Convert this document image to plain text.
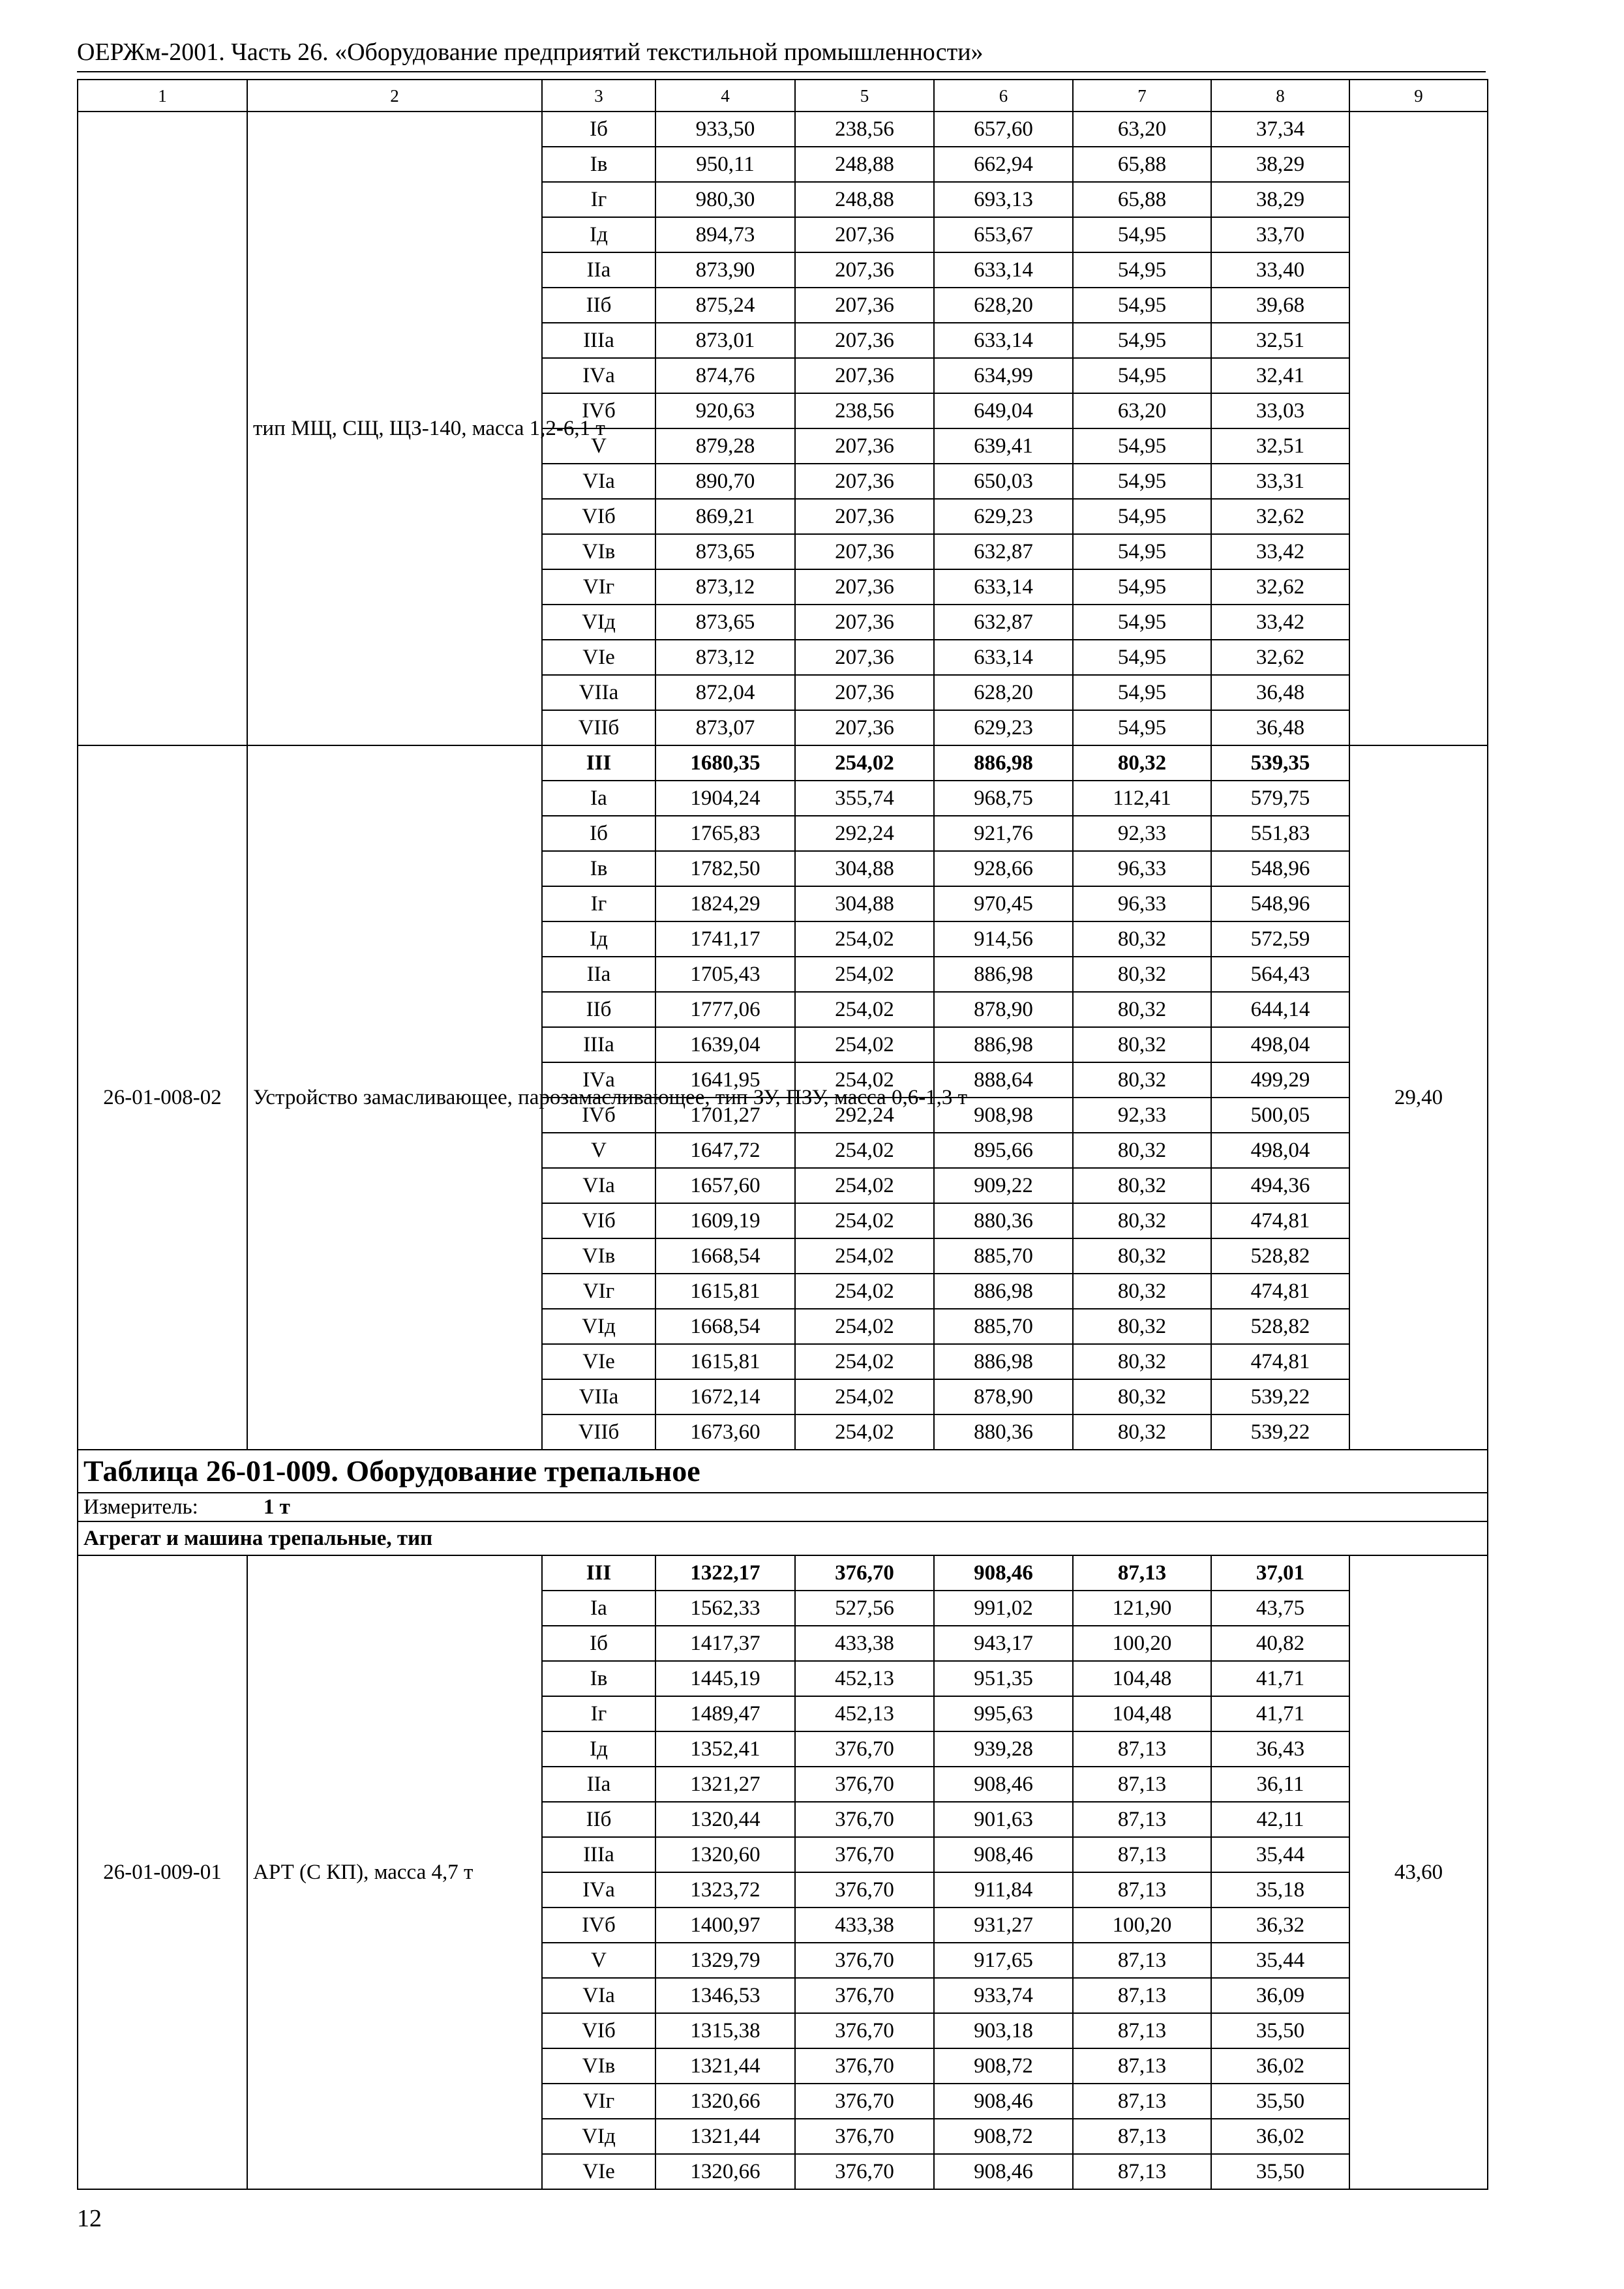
ОЕРЖм-2001. Часть 26. «Оборудование предприятий текстильной промышленности»
1	2	3	4	5	6	7	8	9
	тип МЩ, СЩ, ЩЗ-140, масса 1,2-6,1 т	Iб	933,50	238,56	657,60	63,20	37,34	
		Iв	950,11	248,88	662,94	65,88	38,29	
		Iг	980,30	248,88	693,13	65,88	38,29	
		Iд	894,73	207,36	653,67	54,95	33,70	
		IIа	873,90	207,36	633,14	54,95	33,40	
		IIб	875,24	207,36	628,20	54,95	39,68	
		IIIа	873,01	207,36	633,14	54,95	32,51	
		IVа	874,76	207,36	634,99	54,95	32,41	
		IVб	920,63	238,56	649,04	63,20	33,03	
		V	879,28	207,36	639,41	54,95	32,51	
		VIа	890,70	207,36	650,03	54,95	33,31	
		VIб	869,21	207,36	629,23	54,95	32,62	
		VIв	873,65	207,36	632,87	54,95	33,42	
		VIг	873,12	207,36	633,14	54,95	32,62	
		VIд	873,65	207,36	632,87	54,95	33,42	
		VIе	873,12	207,36	633,14	54,95	32,62	
		VIIа	872,04	207,36	628,20	54,95	36,48	
		VIIб	873,07	207,36	629,23	54,95	36,48	
26-01-008-02	Устройство замасливающее, парозамасливающее, тип ЗУ, ПЗУ, масса 0,6-1,3 т	III	1680,35	254,02	886,98	80,32	539,35	29,40
		Iа	1904,24	355,74	968,75	112,41	579,75	
		Iб	1765,83	292,24	921,76	92,33	551,83	
		Iв	1782,50	304,88	928,66	96,33	548,96	
		Iг	1824,29	304,88	970,45	96,33	548,96	
		Iд	1741,17	254,02	914,56	80,32	572,59	
		IIа	1705,43	254,02	886,98	80,32	564,43	
		IIб	1777,06	254,02	878,90	80,32	644,14	
		IIIа	1639,04	254,02	886,98	80,32	498,04	
		IVа	1641,95	254,02	888,64	80,32	499,29	
		IVб	1701,27	292,24	908,98	92,33	500,05	
		V	1647,72	254,02	895,66	80,32	498,04	
		VIа	1657,60	254,02	909,22	80,32	494,36	
		VIб	1609,19	254,02	880,36	80,32	474,81	
		VIв	1668,54	254,02	885,70	80,32	528,82	
		VIг	1615,81	254,02	886,98	80,32	474,81	
		VIд	1668,54	254,02	885,70	80,32	528,82	
		VIе	1615,81	254,02	886,98	80,32	474,81	
		VIIа	1672,14	254,02	878,90	80,32	539,22	
		VIIб	1673,60	254,02	880,36	80,32	539,22	
Таблица 26-01-009. Оборудование трепальное								
Измеритель: 1 т								
Агрегат и машина трепальные, тип								
26-01-009-01	АРТ (С КП), масса 4,7 т	III	1322,17	376,70	908,46	87,13	37,01	43,60
		Iа	1562,33	527,56	991,02	121,90	43,75	
		Iб	1417,37	433,38	943,17	100,20	40,82	
		Iв	1445,19	452,13	951,35	104,48	41,71	
		Iг	1489,47	452,13	995,63	104,48	41,71	
		Iд	1352,41	376,70	939,28	87,13	36,43	
		IIа	1321,27	376,70	908,46	87,13	36,11	
		IIб	1320,44	376,70	901,63	87,13	42,11	
		IIIа	1320,60	376,70	908,46	87,13	35,44	
		IVа	1323,72	376,70	911,84	87,13	35,18	
		IVб	1400,97	433,38	931,27	100,20	36,32	
		V	1329,79	376,70	917,65	87,13	35,44	
		VIа	1346,53	376,70	933,74	87,13	36,09	
		VIб	1315,38	376,70	903,18	87,13	35,50	
		VIв	1321,44	376,70	908,72	87,13	36,02	
		VIг	1320,66	376,70	908,46	87,13	35,50	
		VIд	1321,44	376,70	908,72	87,13	36,02	
		VIе	1320,66	376,70	908,46	87,13	35,50	
12
